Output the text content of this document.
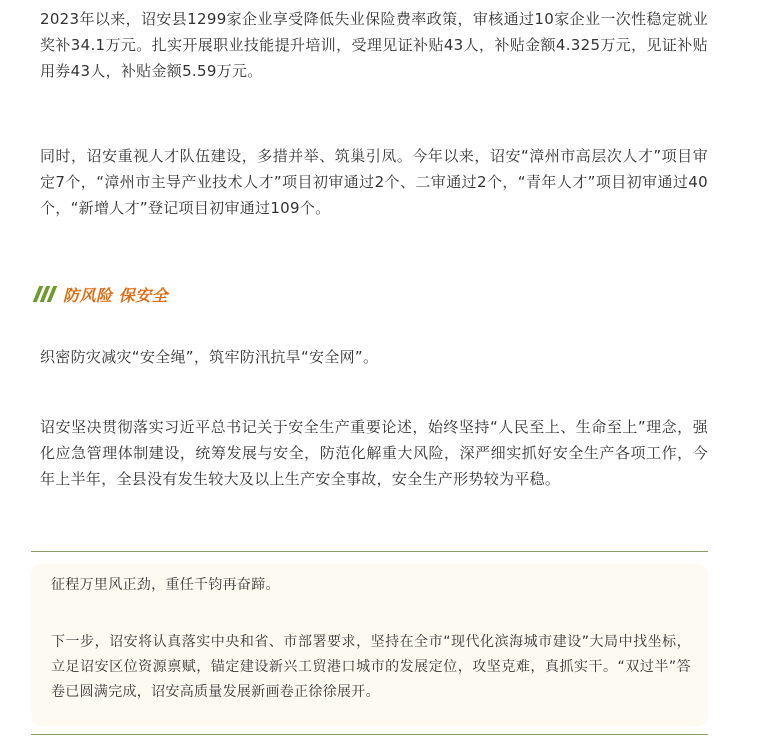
2023年以来，诏安县1299家企业享受降低失业保险费率政策，审核通过10家企业一次性稳定就业奖补34.1万元。扎实开展职业技能提升培训，受理见证补贴43人，补贴金额4.325万元，见证补贴用券43人，补贴金额5.59万元。

同时，诏安重视人才队伍建设，多措并举、筑巢引凤。今年以来，诏安“漳州市高层次人才”项目审定7个，“漳州市主导产业技术人才”项目初审通过2个、二审通过2个，“青年人才”项目初审通过40个，“新增人才”登记项目初审通过109个。

防风险 保安全

织密防灾减灾“安全绳”，筑牢防汛抗旱“安全网”。

诏安坚决贯彻落实习近平总书记关于安全生产重要论述，始终坚持“人民至上、生命至上”理念，强化应急管理体制建设，统筹发展与安全，防范化解重大风险，深严细实抓好安全生产各项工作，今年上半年，全县没有发生较大及以上生产安全事故，安全生产形势较为平稳。

征程万里风正劲，重任千钧再奋蹄。

下一步，诏安将认真落实中央和省、市部署要求，坚持在全市“现代化滨海城市建设”大局中找坐标，立足诏安区位资源禀赋，锚定建设新兴工贸港口城市的发展定位，攻坚克难，真抓实干。“双过半”答卷已圆满完成，诏安高质量发展新画卷正徐徐展开。
